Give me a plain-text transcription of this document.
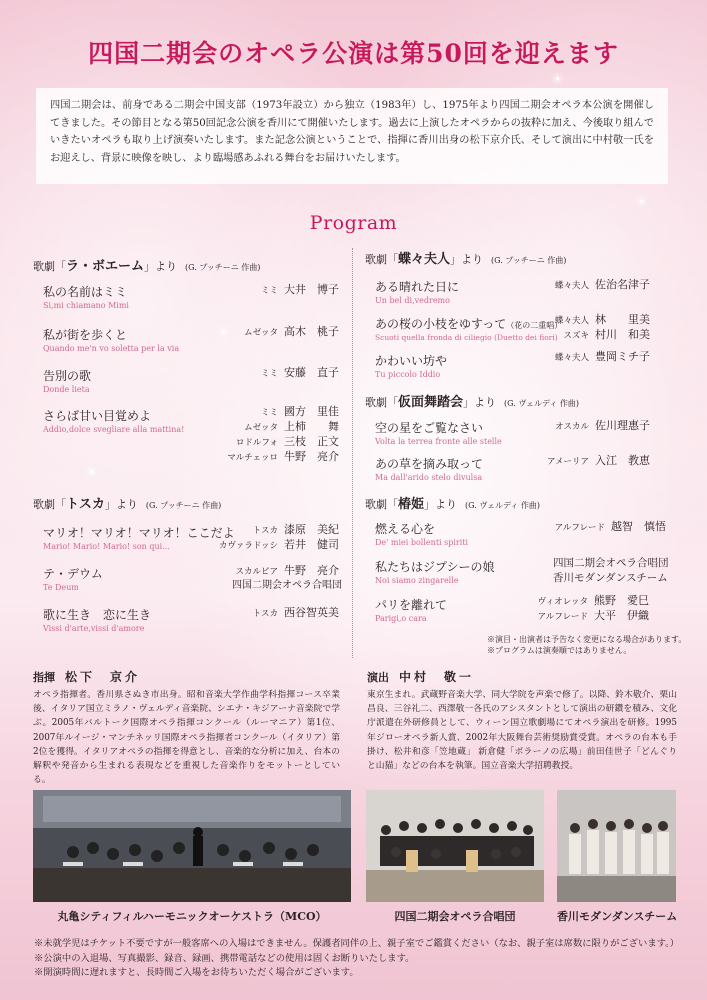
四国二期会のオペラ公演は第50回を迎えます
四国二期会は、前身である二期会中国支部（1973年設立）から独立（1983年）し、1975年より四国二期会オペラ本公演を開催してきました。その節目となる第50回記念公演を香川にて開催いたします。過去に上演したオペラからの抜粋に加え、今後取り組んでいきたいオペラも取り上げ演奏いたします。また記念公演ということで、指揮に香川出身の松下京介氏、そして演出に中村敬一氏をお迎えし、背景に映像を映し、より臨場感あふれる舞台をお届けいたします。
Program
歌劇「ラ・ボエーム」より (G. プッチーニ 作曲)
私の名前はミミ
Si,mi chiamano Mimi
ミミ 大井　博子
私が街を歩くと
Quando me'n vo soletta per la via
ムゼッタ 高木　桃子
告別の歌
Donde lieta
ミミ 安藤　直子
さらば甘い目覚めよ
Addio,dolce svegliare alla mattina!
ミミ 國方　里佳
ムゼッタ 上柿　　舞
ロドルフォ 三枝　正文
マルチェッロ 牛野　亮介
歌劇「トスカ」より (G. プッチーニ 作曲)
マリオ！マリオ！マリオ！ここだよ
Mario! Mario! Mario! son qui...
トスカ 漆原　美紀
カヴァラドッシ 若井　健司
テ・デウム
Te Deum
スカルピア 牛野　亮介
四国二期会オペラ合唱団
歌に生き　恋に生き
Vissi d'arte,vissi d'amore
トスカ 西谷智英美
歌劇「蝶々夫人」より (G. プッチーニ 作曲)
ある晴れた日に
Un bel di,vedremo
蝶々夫人 佐治名津子
あの桜の小枝をゆすって（花の二重唱）
Scuoti quella fronda di ciliegio (Duetto dei fiori)
蝶々夫人 林　　里美
スズキ 村川　和美
かわいい坊や
Tu piccolo Iddio
蝶々夫人 豊岡ミチ子
歌劇「仮面舞踏会」より (G. ヴェルディ 作曲)
空の星をご覧なさい
Volta la terrea fronte alle stelle
オスカル 佐川理惠子
あの草を摘み取って
Ma dall'arido stelo divulsa
アメーリア 入江　教恵
歌劇「椿姫」より (G. ヴェルディ 作曲)
燃える心を
De' miei bollenti spiriti
アルフレード 越智　慎悟
私たちはジプシーの娘
Noi siamo zingarelle
四国二期会オペラ合唱団
香川モダンダンスチーム
パリを離れて
Parigi,o cara
ヴィオレッタ 熊野　愛巳
アルフレード 大平　伊織
※演目・出演者は予告なく変更になる場合があります。
※プログラムは演奏順ではありません。
指揮 松下　京介
オペラ指揮者。香川県さぬき市出身。昭和音楽大学作曲学科指揮コース卒業後、イタリア国立ミラノ・ヴェルディ音楽院、シエナ・キジアーナ音楽院で学ぶ。2005年バルトーク国際オペラ指揮コンクール（ルーマニア）第1位、2007年ルイージ・マンチネッリ国際オペラ指揮者コンクール（イタリア）第2位を獲得。イタリアオペラの指揮を得意とし、音楽的な分析に加え、台本の解釈や発音から生まれる表現などを重視した音楽作りをモットーとしている。
演出 中村　敬一
東京生まれ。武蔵野音楽大学、同大学院を声楽で修了。以降、鈴木敬介、栗山昌良、三谷礼二、西澤敬一各氏のアシスタントとして演出の研鑽を積み、文化庁派遣在外研修員として、ウィーン国立歌劇場にてオペラ演出を研修。1995年ジローオペラ新人賞、2002年大阪舞台芸術奨励賞受賞。オペラの台本も手掛け、松井和彦「笠地蔵」 新倉健「ボラーノの広場」前田佳世子「どんぐりと山猫」などの台本を執筆。国立音楽大学招聘教授。
丸亀シティフィルハーモニックオーケストラ（MCO）	四国二期会オペラ合唱団	香川モダンダンスチーム
※未就学児はチケット不要ですが一般客席への入場はできません。保護者同伴の上、親子室でご鑑賞ください（なお、親子室は席数に限りがございます。）
※公演中の入退場、写真撮影、録音、録画、携帯電話などの使用は固くお断りいたします。
※開演時間に遅れますと、長時間ご入場をお待ちいただく場合がございます。
